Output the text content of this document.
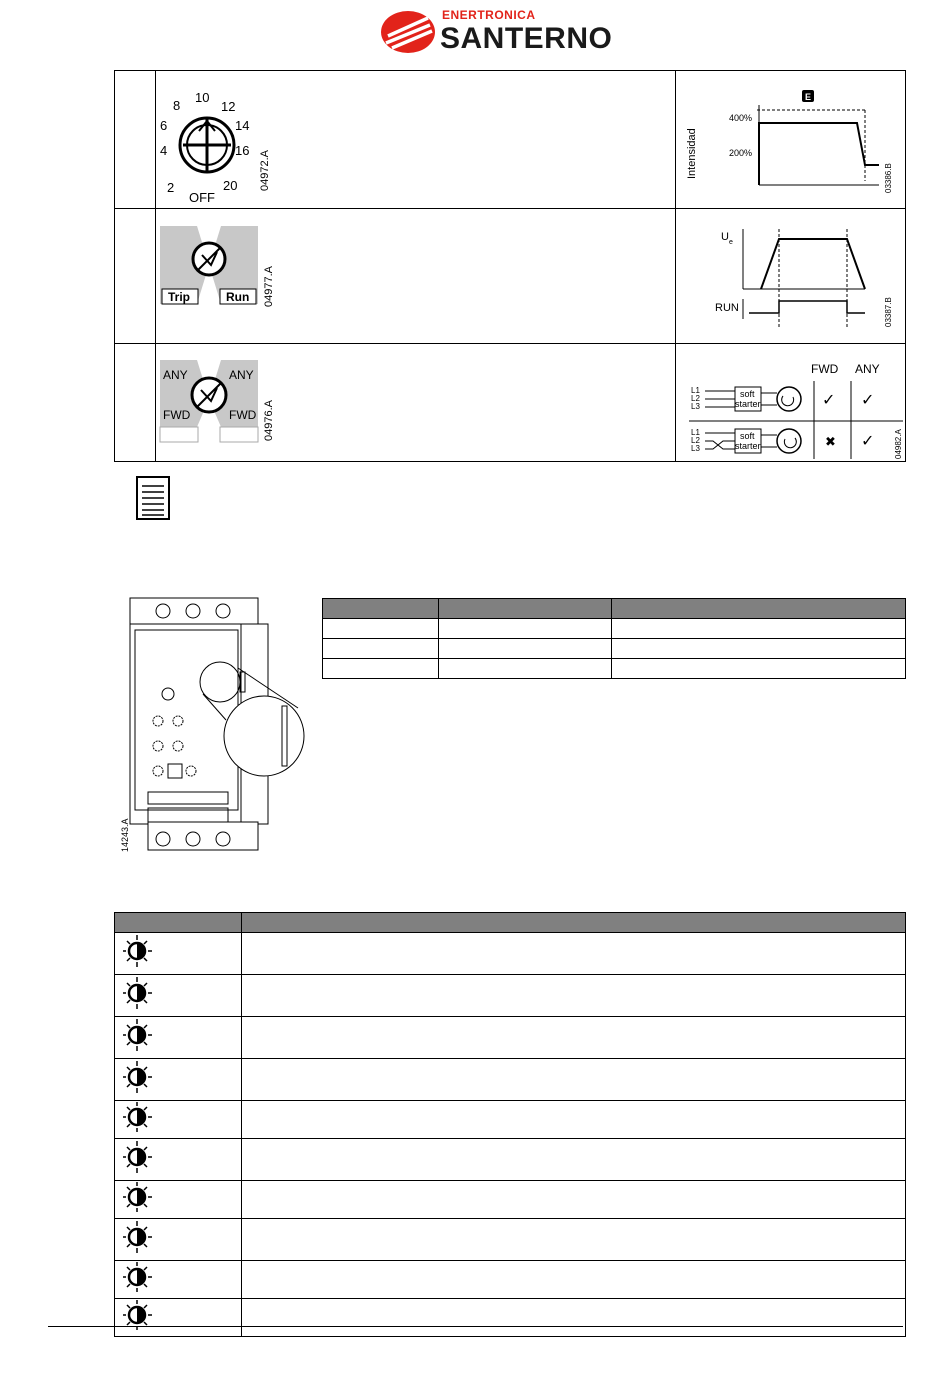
ENERTRONICA
SANTERNO
2
4
6
8
10
12
14
16
20
OFF
04972.A
E
Intensidad
400%
200%
03386.B
Trip	Run 04977.A
U e
RUN	03387.B
ANY	ANY
FWD	FWD 04976.A
FWD ANY
L1
L2
L3
soft
starter	✓ ✓
L1
L2
L3
soft
starter	✖ ✓ 04982.A
14243.A
